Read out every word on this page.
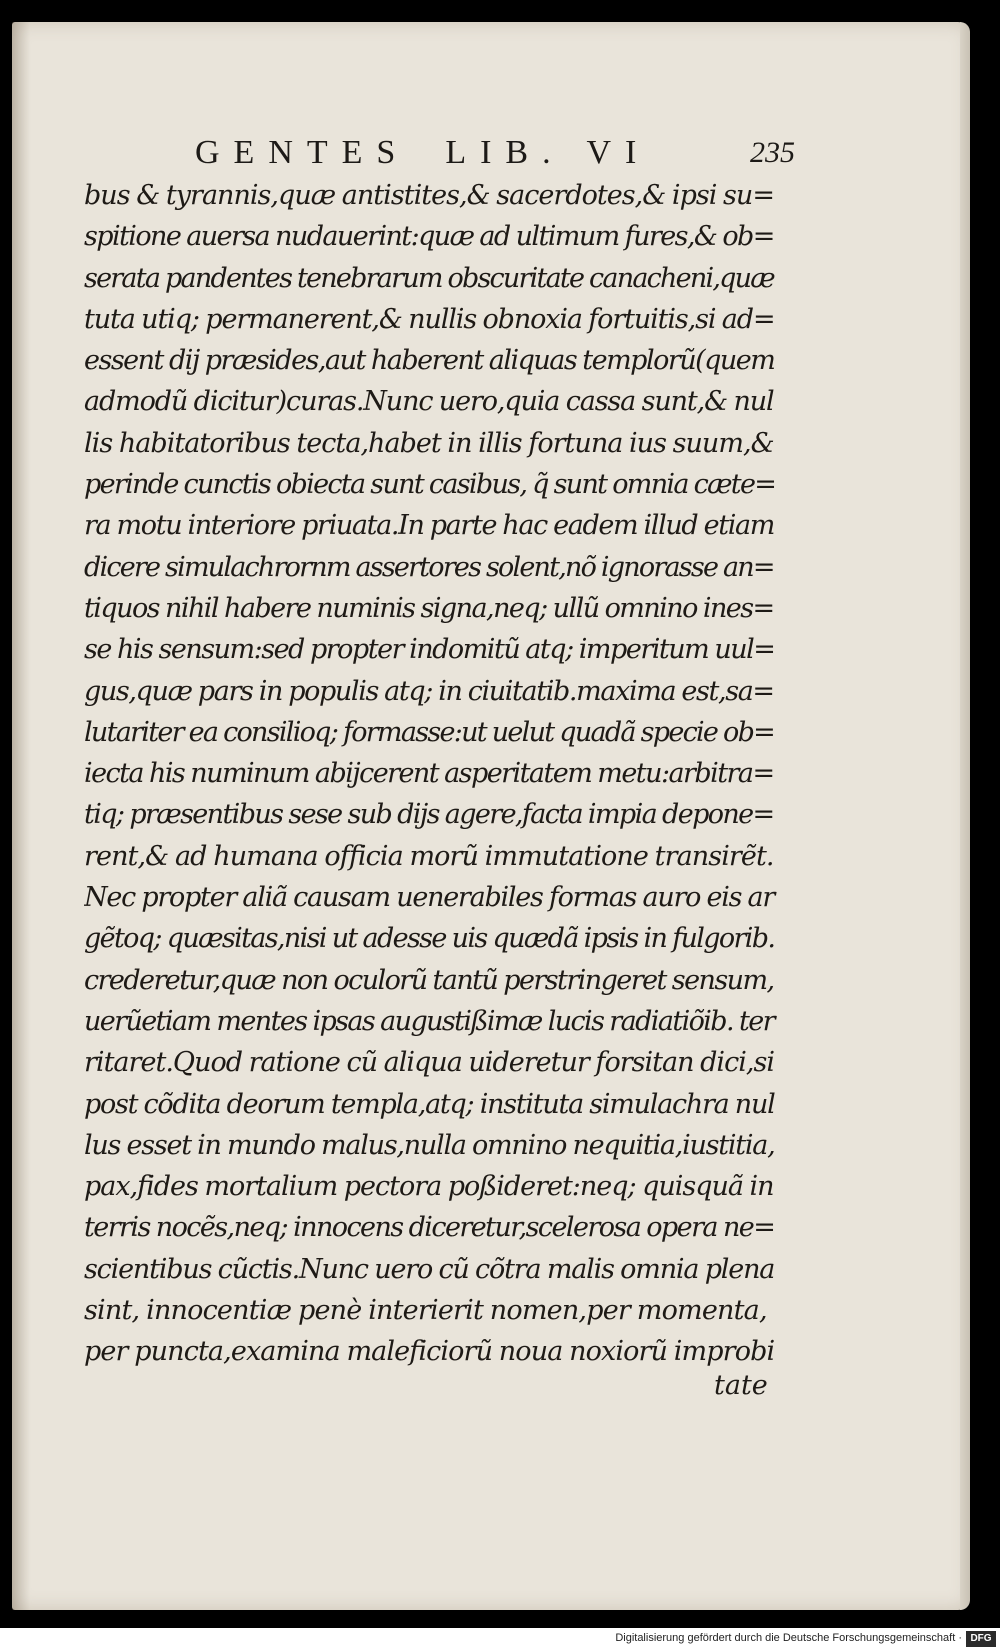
GENTES LIB. VI	235
bus & tyrannis,quæ antistites,& sacerdotes,& ipsi su=
spitione auersa nudauerint:quæ ad ultimum fures,& ob=
serata pandentes tenebrarum obscuritate canacheni,quæ
tuta utiq; permanerent,& nullis obnoxia fortuitis,si ad=
essent dij præsides,aut haberent aliquas templorũ(quem
admodũ dicitur)curas.Nunc uero,quia cassa sunt,& nul
lis habitatoribus tecta,habet in illis fortuna ius suum,&
perinde cunctis obiecta sunt casibus, q̃ sunt omnia cæte=
ra motu interiore priuata.In parte hac eadem illud etiam
dicere simulachrornm assertores solent,nõ ignorasse an=
tiquos nihil habere numinis signa,neq; ullũ omnino ines=
se his sensum:sed propter indomitũ atq; imperitum uul=
gus,quæ pars in populis atq; in ciuitatib.maxima est,sa=
lutariter ea consilioq; formasse:ut uelut quadã specie ob=
iecta his numinum abijcerent asperitatem metu:arbitra=
tiq; præsentibus sese sub dijs agere,facta impia depone=
rent,& ad humana officia morũ immutatione transirẽt.
Nec propter aliã causam uenerabiles formas auro eis ar
gẽtoq; quæsitas,nisi ut adesse uis quædã ipsis in fulgorib.
crederetur,quæ non oculorũ tantũ perstringeret sensum,
uerũetiam mentes ipsas augustißimæ lucis radiatiõib. ter
ritaret.Quod ratione cũ aliqua uideretur forsitan dici,si
post cõdita deorum templa,atq; instituta simulachra nul
lus esset in mundo malus,nulla omnino nequitia,iustitia,
pax,fides mortalium pectora poßideret:neq; quisquã in
terris nocẽs,neq; innocens diceretur,scelerosa opera ne=
scientibus cũctis.Nunc uero cũ cõtra malis omnia plena
sint, innocentiæ penè interierit nomen,per momenta,
per puncta,examina maleficiorũ noua noxiorũ improbi
tate
Digitalisierung gefördert durch die Deutsche Forschungsgemeinschaft · DFG
